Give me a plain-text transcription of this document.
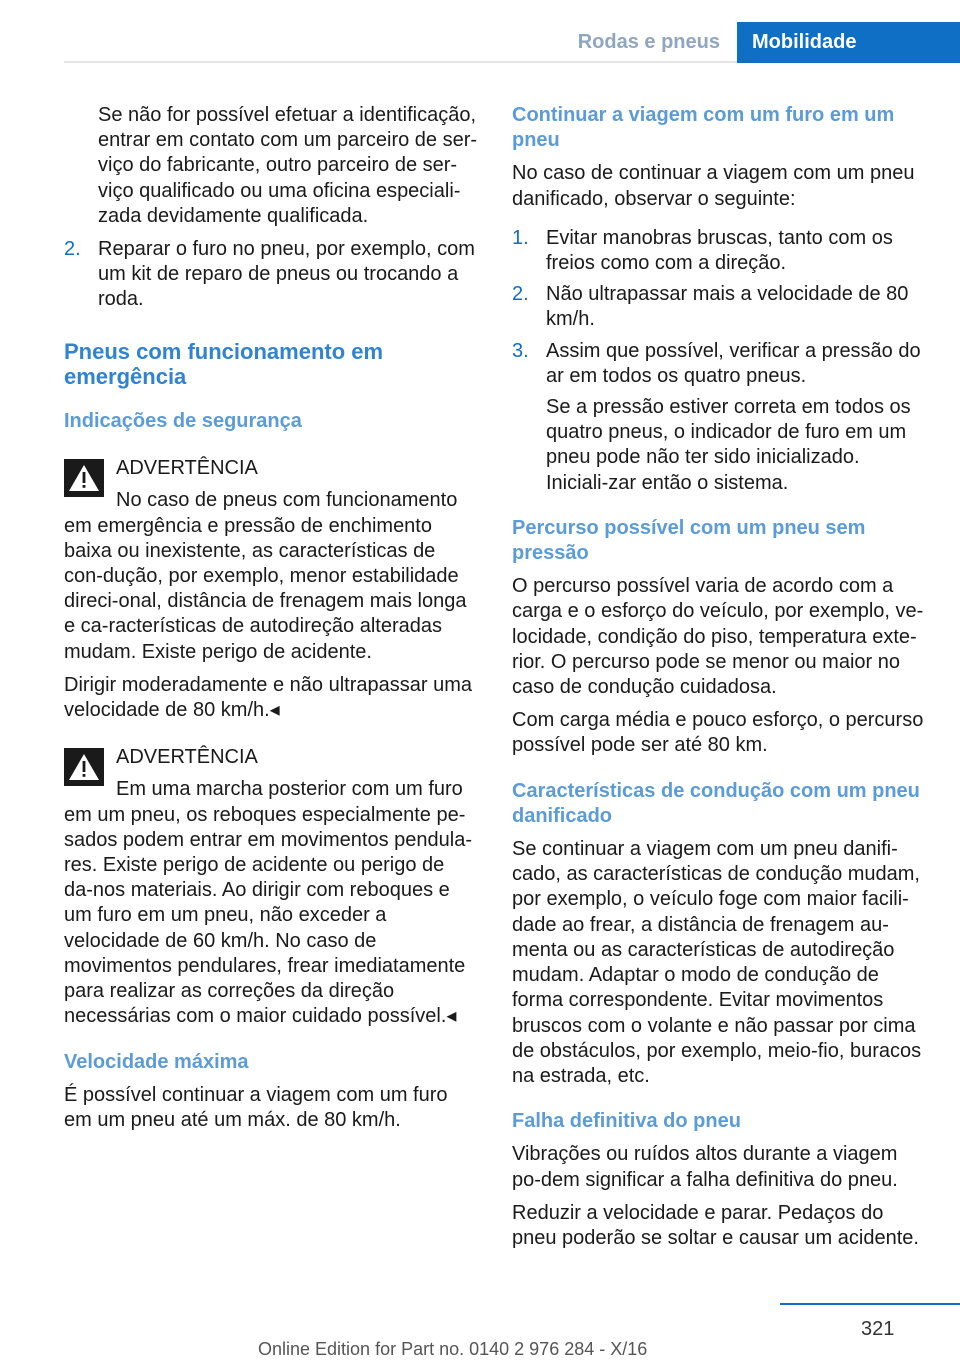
Rodas e pneus	Mobilidade

Se não for possível efetuar a identificação, entrar em contato com um parceiro de ser-viço do fabricante, outro parceiro de ser-viço qualificado ou uma oficina especiali-zada devidamente qualificada.

2. Reparar o furo no pneu, por exemplo, com um kit de reparo de pneus ou trocando a roda.
Pneus com funcionamento em emergência
Indicações de segurança
ADVERTÊNCIA

No caso de pneus com funcionamento em emergência e pressão de enchimento baixa ou inexistente, as características de con-dução, por exemplo, menor estabilidade direci-onal, distância de frenagem mais longa e ca-racterísticas de autodireção alteradas mudam. Existe perigo de acidente.

Dirigir moderadamente e não ultrapassar uma velocidade de 80 km/h.◂

ADVERTÊNCIA

Em uma marcha posterior com um furo em um pneu, os reboques especialmente pe-sados podem entrar em movimentos pendula-res. Existe perigo de acidente ou perigo de da-nos materiais. Ao dirigir com reboques e um furo em um pneu, não exceder a velocidade de 60 km/h. No caso de movimentos pendulares, frear imediatamente para realizar as correções da direção necessárias com o maior cuidado possível.◂

Velocidade máxima

É possível continuar a viagem com um furo em um pneu até um máx. de 80 km/h.

Continuar a viagem com um furo em um pneu

No caso de continuar a viagem com um pneu danificado, observar o seguinte:

1. Evitar manobras bruscas, tanto com os freios como com a direção.
2. Não ultrapassar mais a velocidade de 80 km/h.
3. Assim que possível, verificar a pressão do ar em todos os quatro pneus.
Se a pressão estiver correta em todos os quatro pneus, o indicador de furo em um pneu pode não ter sido inicializado. Iniciali-zar então o sistema.
Percurso possível com um pneu sem pressão

O percurso possível varia de acordo com a carga e o esforço do veículo, por exemplo, ve-locidade, condição do piso, temperatura exte-rior. O percurso pode se menor ou maior no caso de condução cuidadosa.

Com carga média e pouco esforço, o percurso possível pode ser até 80 km.

Características de condução com um pneu danificado

Se continuar a viagem com um pneu danifi-cado, as características de condução mudam, por exemplo, o veículo foge com maior facili-dade ao frear, a distância de frenagem au-menta ou as características de autodireção mudam. Adaptar o modo de condução de forma correspondente. Evitar movimentos bruscos com o volante e não passar por cima de obstáculos, por exemplo, meio-fio, buracos na estrada, etc.

Falha definitiva do pneu

Vibrações ou ruídos altos durante a viagem po-dem significar a falha definitiva do pneu.

Reduzir a velocidade e parar. Pedaços do pneu poderão se soltar e causar um acidente.

321
Online Edition for Part no. 0140 2 976 284 - X/16
